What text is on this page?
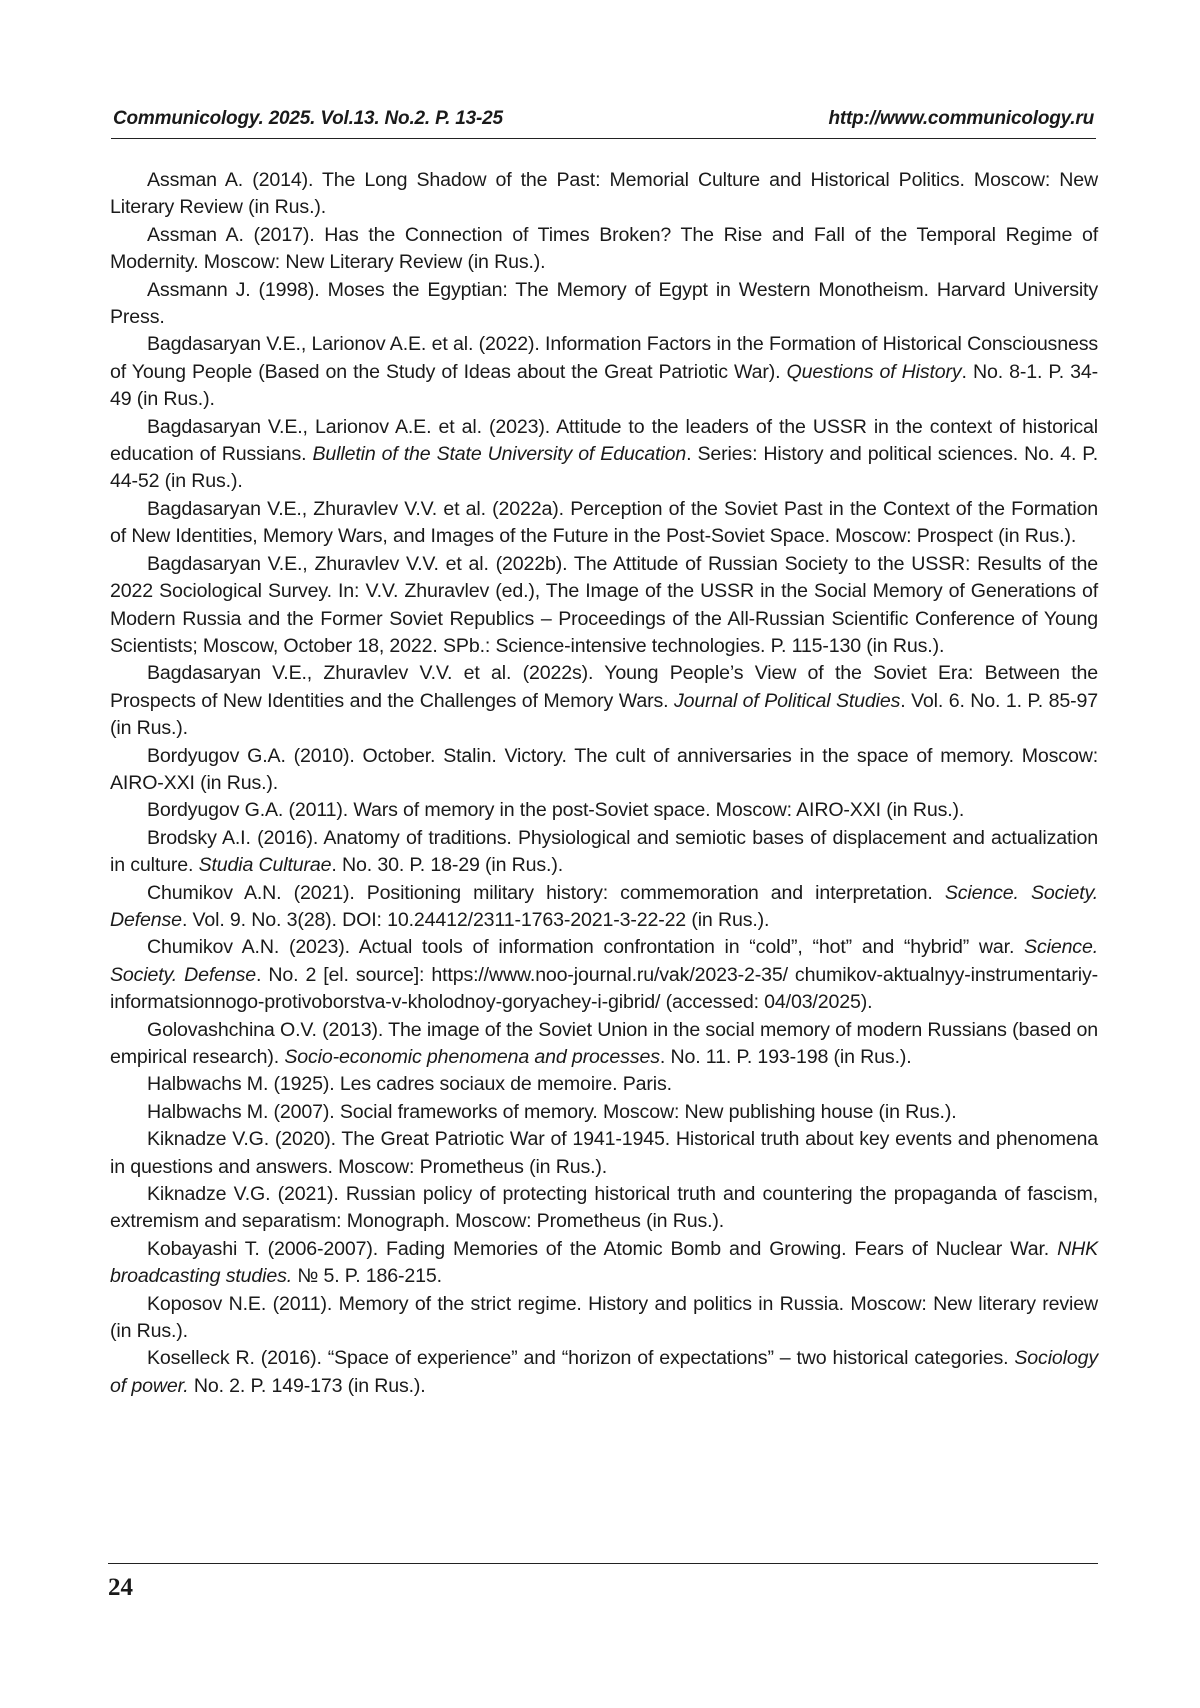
Communicology. 2025. Vol.13. No.2. P. 13-25	http://www.communicology.ru

Assman A. (2014). The Long Shadow of the Past: Memorial Culture and Historical Politics. Moscow: New Literary Review (in Rus.).

Assman A. (2017). Has the Connection of Times Broken? The Rise and Fall of the Temporal Regime of Modernity. Moscow: New Literary Review (in Rus.).

Assmann J. (1998). Moses the Egyptian: The Memory of Egypt in Western Monotheism. Harvard University Press.

Bagdasaryan V.E., Larionov A.E. et al. (2022). Information Factors in the Formation of Historical Consciousness of Young People (Based on the Study of Ideas about the Great Patriotic War). Questions of History. No. 8-1. P. 34-49 (in Rus.).

Bagdasaryan V.E., Larionov A.E. et al. (2023). Attitude to the leaders of the USSR in the context of historical education of Russians. Bulletin of the State University of Education. Series: History and political sciences. No. 4. P. 44-52 (in Rus.).

Bagdasaryan V.E., Zhuravlev V.V. et al. (2022a). Perception of the Soviet Past in the Context of the Formation of New Identities, Memory Wars, and Images of the Future in the Post-Soviet Space. Moscow: Prospect (in Rus.).

Bagdasaryan V.E., Zhuravlev V.V. et al. (2022b). The Attitude of Russian Society to the USSR: Results of the 2022 Sociological Survey. In: V.V. Zhuravlev (ed.), The Image of the USSR in the Social Memory of Generations of Modern Russia and the Former Soviet Republics – Proceedings of the All-Russian Scientific Conference of Young Scientists; Moscow, October 18, 2022. SPb.: Science-intensive technologies. P. 115-130 (in Rus.).

Bagdasaryan V.E., Zhuravlev V.V. et al. (2022s). Young People’s View of the Soviet Era: Between the Prospects of New Identities and the Challenges of Memory Wars. Journal of Political Studies. Vol. 6. No. 1. P. 85-97 (in Rus.).

Bordyugov G.A. (2010). October. Stalin. Victory. The cult of anniversaries in the space of memory. Moscow: AIRO-XXI (in Rus.).

Bordyugov G.A. (2011). Wars of memory in the post-Soviet space. Moscow: AIRO-XXI (in Rus.).

Brodsky A.I. (2016). Anatomy of traditions. Physiological and semiotic bases of displacement and actualization in culture. Studia Culturae. No. 30. P. 18-29 (in Rus.).

Chumikov A.N. (2021). Positioning military history: commemoration and interpretation. Science. Society. Defense. Vol. 9. No. 3(28). DOI: 10.24412/2311-1763-2021-3-22-22 (in Rus.).

Chumikov A.N. (2023). Actual tools of information confrontation in “cold”, “hot” and “hybrid” war. Science. Society. Defense. No. 2 [el. source]: https://www.noo-journal.ru/vak/2023-2-35/ chumikov-aktualnyy-instrumentariy-informatsionnogo-protivoborstva-v-kholodnoy-goryachey-i-gibrid/ (accessed: 04/03/2025).

Golovashchina O.V. (2013). The image of the Soviet Union in the social memory of modern Russians (based on empirical research). Socio-economic phenomena and processes. No. 11. P. 193-198 (in Rus.).

Halbwachs M. (1925). Les cadres sociaux de memoire. Paris.

Halbwachs M. (2007). Social frameworks of memory. Moscow: New publishing house (in Rus.).

Kiknadze V.G. (2020). The Great Patriotic War of 1941-1945. Historical truth about key events and phenomena in questions and answers. Moscow: Prometheus (in Rus.).

Kiknadze V.G. (2021). Russian policy of protecting historical truth and countering the propaganda of fascism, extremism and separatism: Monograph. Moscow: Prometheus (in Rus.).

Kobayashi T. (2006-2007). Fading Memories of the Atomic Bomb and Growing. Fears of Nuclear War. NHK broadcasting studies. № 5. P. 186-215.

Koposov N.E. (2011). Memory of the strict regime. History and politics in Russia. Moscow: New literary review (in Rus.).

Koselleck R. (2016). “Space of experience” and “horizon of expectations” – two historical categories. Sociology of power. No. 2. P. 149-173 (in Rus.).

24
